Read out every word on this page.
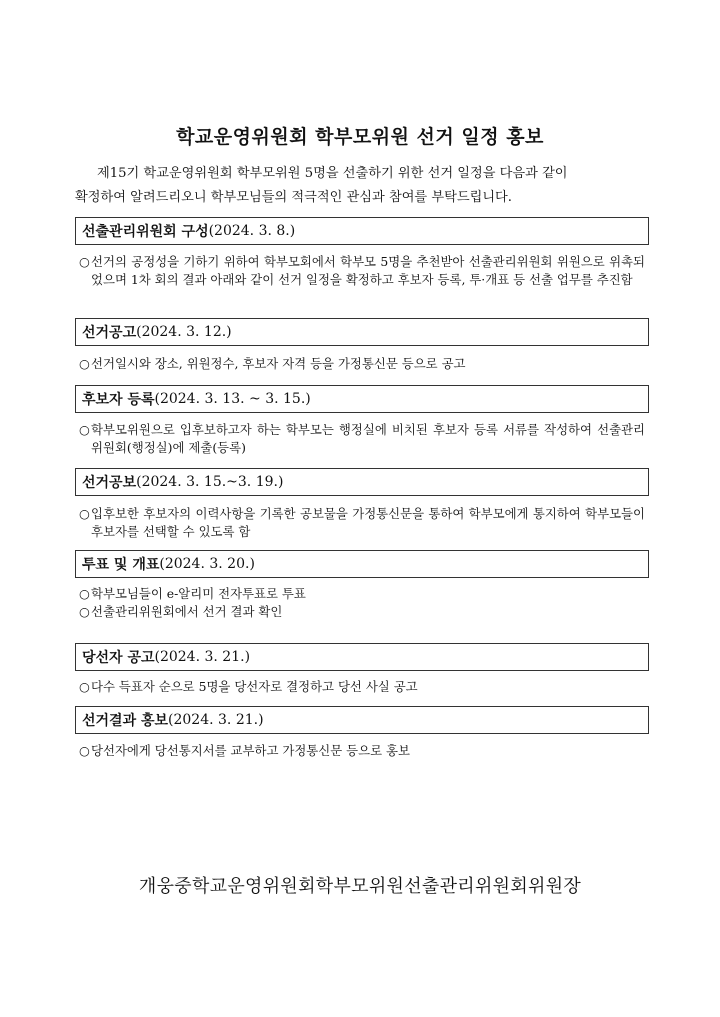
학교운영위원회 학부모위원 선거 일정 홍보
제15기 학교운영위원회 학부모위원 5명을 선출하기 위한 선거 일정을 다음과 같이
확정하여 알려드리오니 학부모님들의 적극적인 관심과 참여를 부탁드립니다.
선출관리위원회 구성 (2024. 3. 8.)
○ 선거의 공정성을 기하기 위하여 학부모회에서 학부모 5명을 추천받아 선출관리위원회 위원으로 위촉되었으며 1차 회의 결과 아래와 같이 선거 일정을 확정하고 후보자 등록, 투·개표 등 선출 업무를 추진함
선거공고 (2024. 3. 12.)
○ 선거일시와 장소, 위원정수, 후보자 자격 등을 가정통신문 등으로 공고
후보자 등록 (2024. 3. 13. ~ 3. 15.)
○ 학부모위원으로 입후보하고자 하는 학부모는 행정실에 비치된 후보자 등록 서류를 작성하여 선출관리위원회(행정실)에 제출(등록)
선거공보 (2024. 3. 15.~3. 19.)
○ 입후보한 후보자의 이력사항을 기록한 공보물을 가정통신문을 통하여 학부모에게 통지하여 학부모들이 후보자를 선택할 수 있도록 함
투표 및 개표 (2024. 3. 20.)
○ 학부모님들이 e-알리미 전자투표로 투표
○ 선출관리위원회에서 선거 결과 확인
당선자 공고 (2024. 3. 21.)
○ 다수 득표자 순으로 5명을 당선자로 결정하고 당선 사실 공고
선거결과 홍보 (2024. 3. 21.)
○ 당선자에게 당선통지서를 교부하고 가정통신문 등으로 홍보
개웅중학교운영위원회학부모위원선출관리위원회위원장
